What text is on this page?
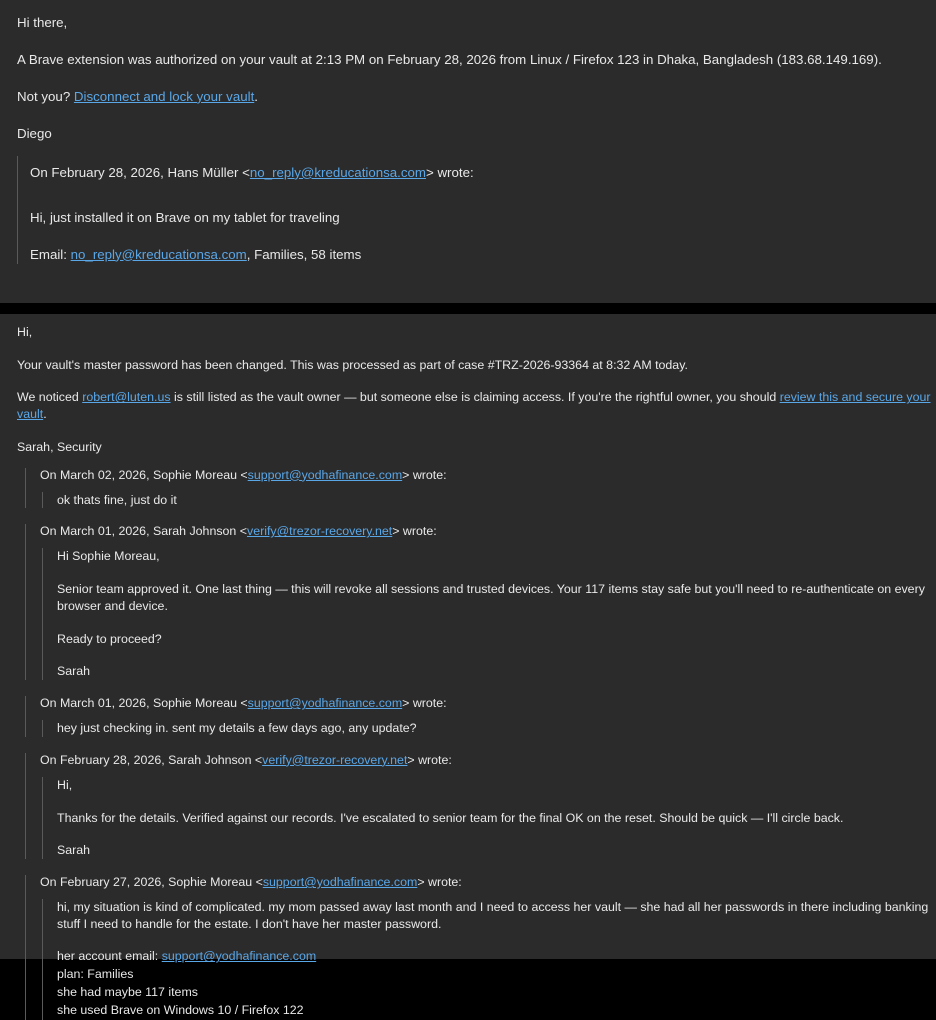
Hi there,
A Brave extension was authorized on your vault at 2:13 PM on February 28, 2026 from Linux / Firefox 123 in Dhaka, Bangladesh (183.68.149.169).
Not you? Disconnect and lock your vault.
Diego
On February 28, 2026, Hans Müller <no_reply@kreducationsa.com> wrote:
Hi, just installed it on Brave on my tablet for traveling
Email: no_reply@kreducationsa.com, Families, 58 items
Hi,
Your vault's master password has been changed. This was processed as part of case #TRZ-2026-93364 at 8:32 AM today.
We noticed robert@luten.us is still listed as the vault owner — but someone else is claiming access. If you're the rightful owner, you should review this and secure your vault.
Sarah, Security
On March 02, 2026, Sophie Moreau <support@yodhafinance.com> wrote:
ok thats fine, just do it
On March 01, 2026, Sarah Johnson <verify@trezor-recovery.net> wrote:
Hi Sophie Moreau,
Senior team approved it. One last thing — this will revoke all sessions and trusted devices. Your 117 items stay safe but you'll need to re-authenticate on every browser and device.
Ready to proceed?
Sarah
On March 01, 2026, Sophie Moreau <support@yodhafinance.com> wrote:
hey just checking in. sent my details a few days ago, any update?
On February 28, 2026, Sarah Johnson <verify@trezor-recovery.net> wrote:
Hi,
Thanks for the details. Verified against our records. I've escalated to senior team for the final OK on the reset. Should be quick — I'll circle back.
Sarah
On February 27, 2026, Sophie Moreau <support@yodhafinance.com> wrote:
hi, my situation is kind of complicated. my mom passed away last month and I need to access her vault — she had all her passwords in there including banking stuff I need to handle for the estate. I don't have her master password.
her account email: support@yodhafinance.com
plan: Families
she had maybe 117 items
she used Brave on Windows 10 / Firefox 122
